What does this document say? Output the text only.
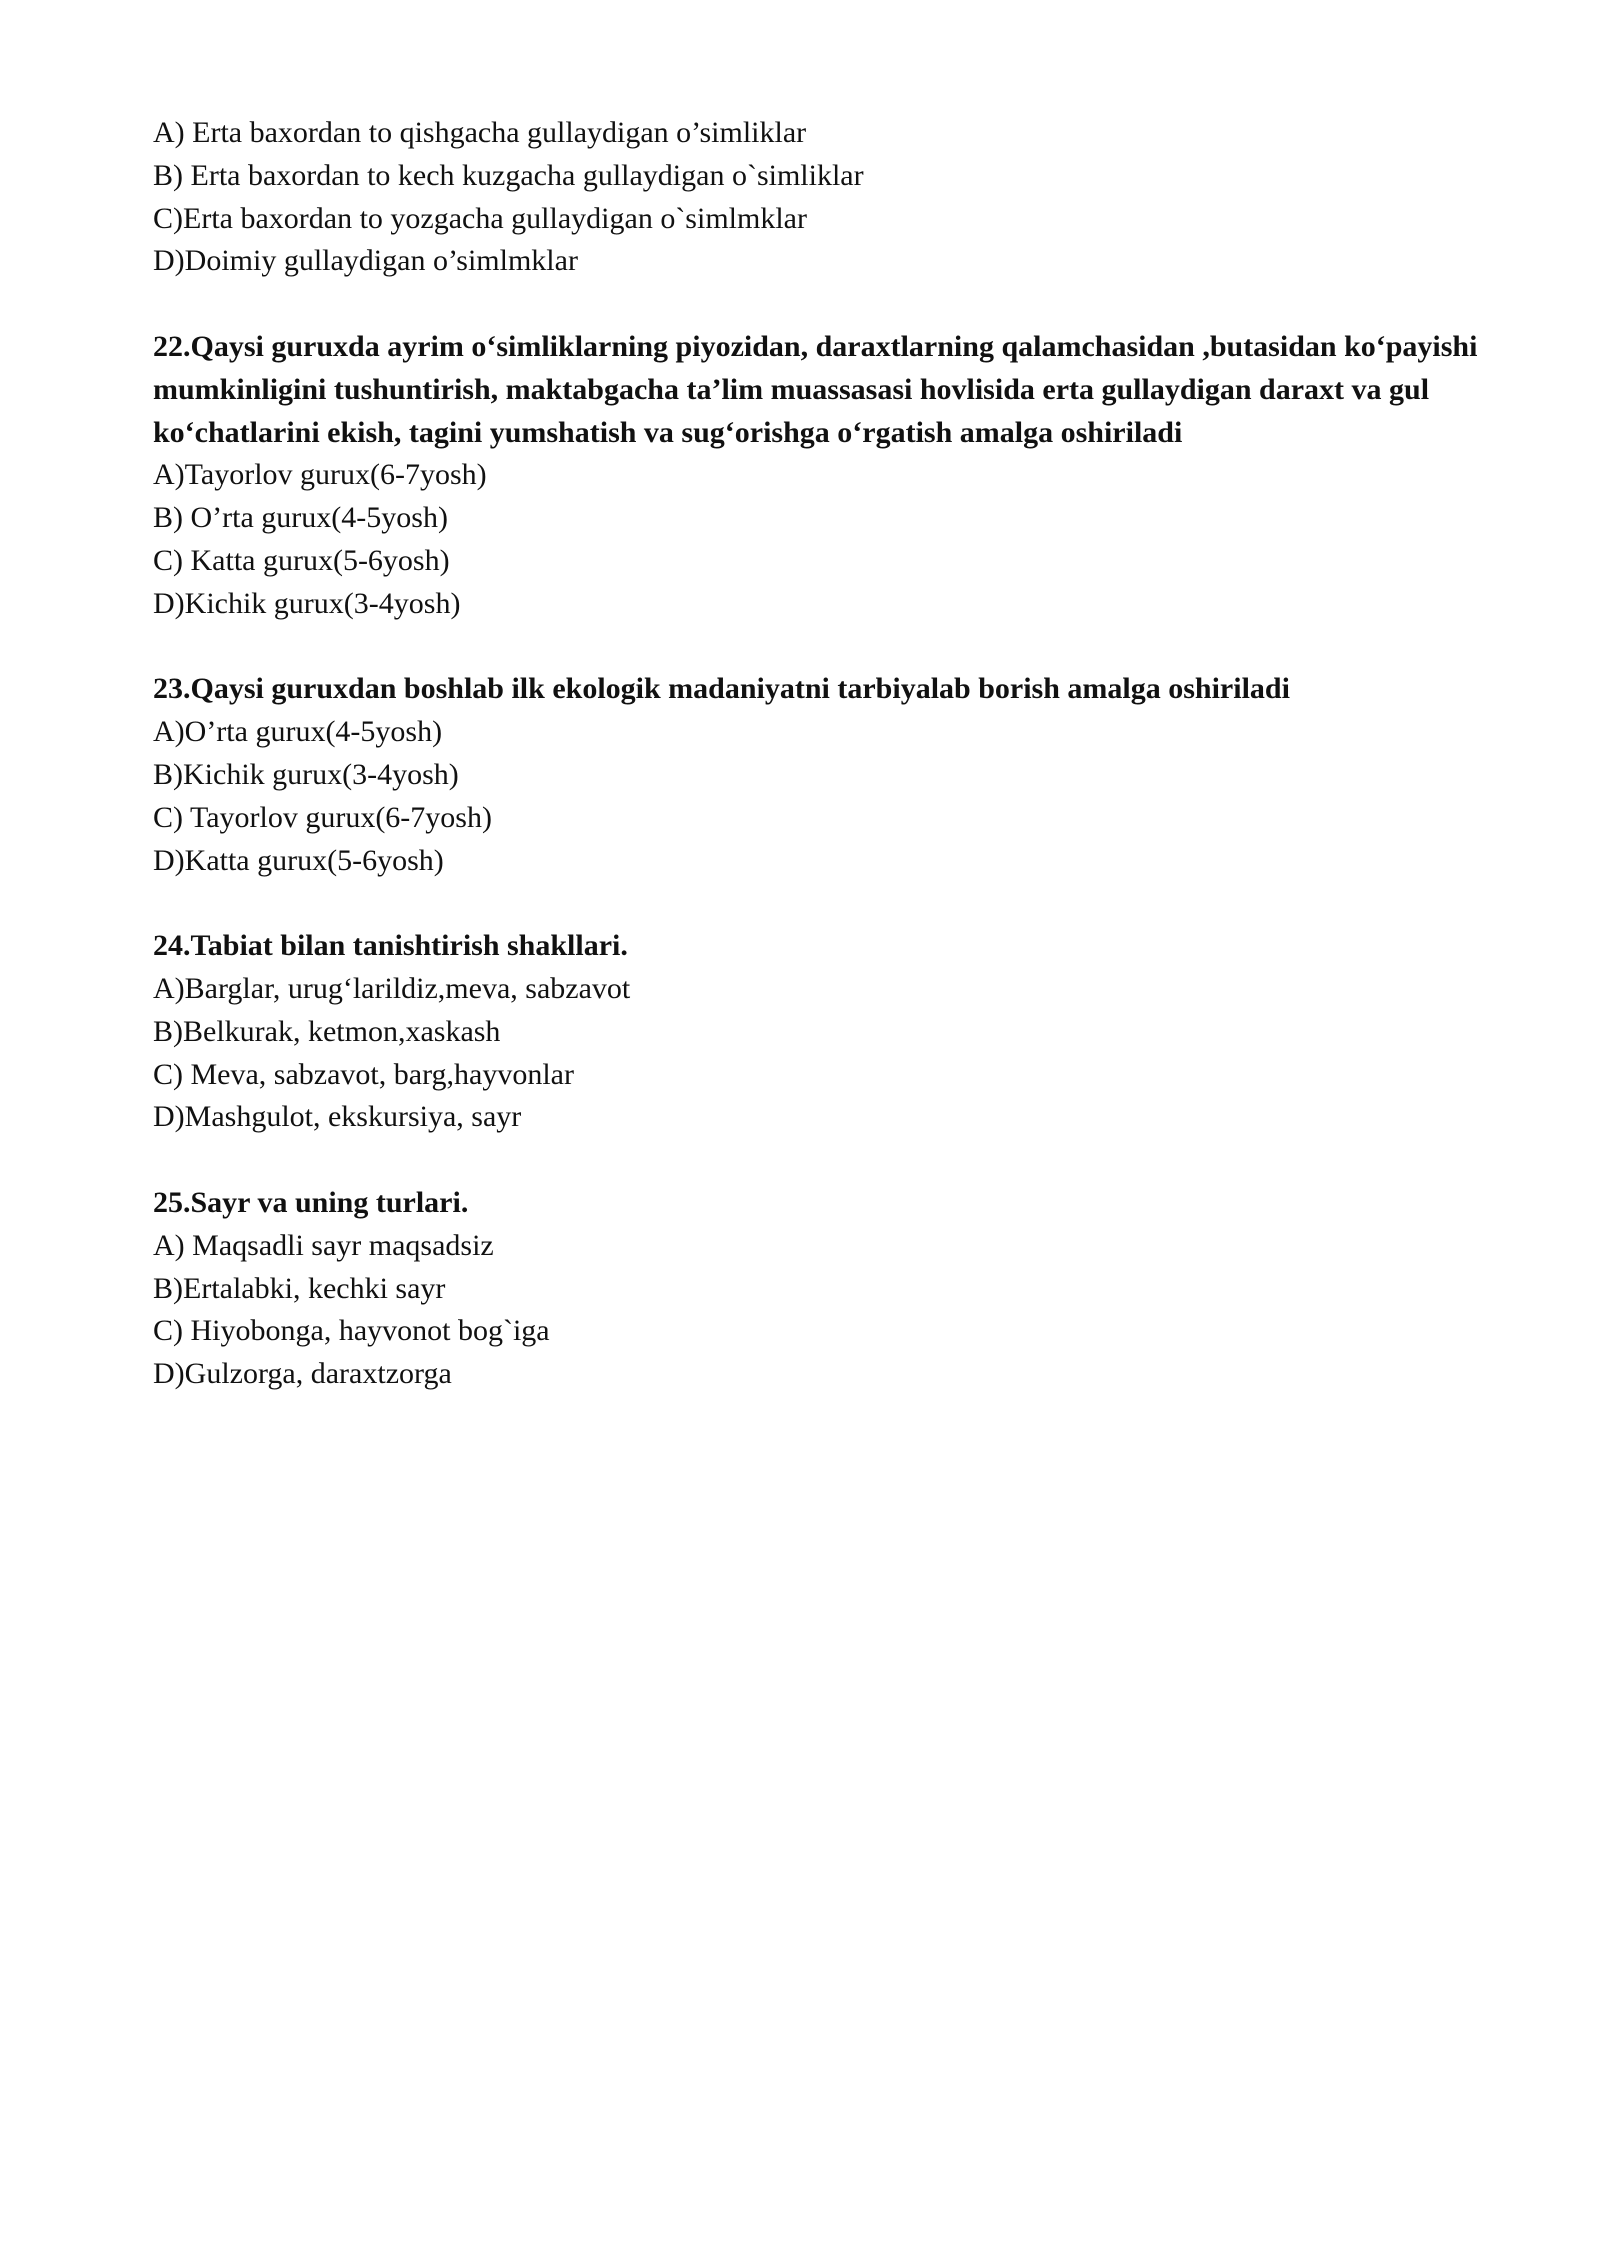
A) Erta baxordan to qishgacha gullaydigan o’simliklar
B) Erta baxordan to kech kuzgacha gullaydigan o`simliklar
C)Erta baxordan to yozgacha gullaydigan o`simlmklar
D)Doimiy gullaydigan o’simlmklar
22.Qaysi guruxda ayrim o‘simliklarning piyozidan, daraxtlarning qalamchasidan ,butasidan ko‘payishi mumkinligini tushuntirish, maktabgacha ta’lim muassasasi hovlisida erta gullaydigan daraxt va gul ko‘chatlarini ekish, tagini yumshatish va sug‘orishga o‘rgatish amalga oshiriladi
A)Tayorlov gurux(6-7yosh)
B) O’rta gurux(4-5yosh)
C) Katta gurux(5-6yosh)
D)Kichik gurux(3-4yosh)
23.Qaysi guruxdan boshlab ilk ekologik madaniyatni tarbiyalab borish amalga oshiriladi
A)O’rta gurux(4-5yosh)
B)Kichik gurux(3-4yosh)
C) Tayorlov gurux(6-7yosh)
D)Katta gurux(5-6yosh)
24.Tabiat bilan tanishtirish shakllari.
A)Barglar, urug‘larildiz,meva, sabzavot
B)Belkurak, ketmon,xaskash
C) Meva, sabzavot, barg,hayvonlar
D)Mashgulot, ekskursiya, sayr
25.Sayr va uning turlari.
A) Maqsadli sayr maqsadsiz
B)Ertalabki, kechki sayr
C) Hiyobonga, hayvonot bog`iga
D)Gulzorga, daraxtzorga
